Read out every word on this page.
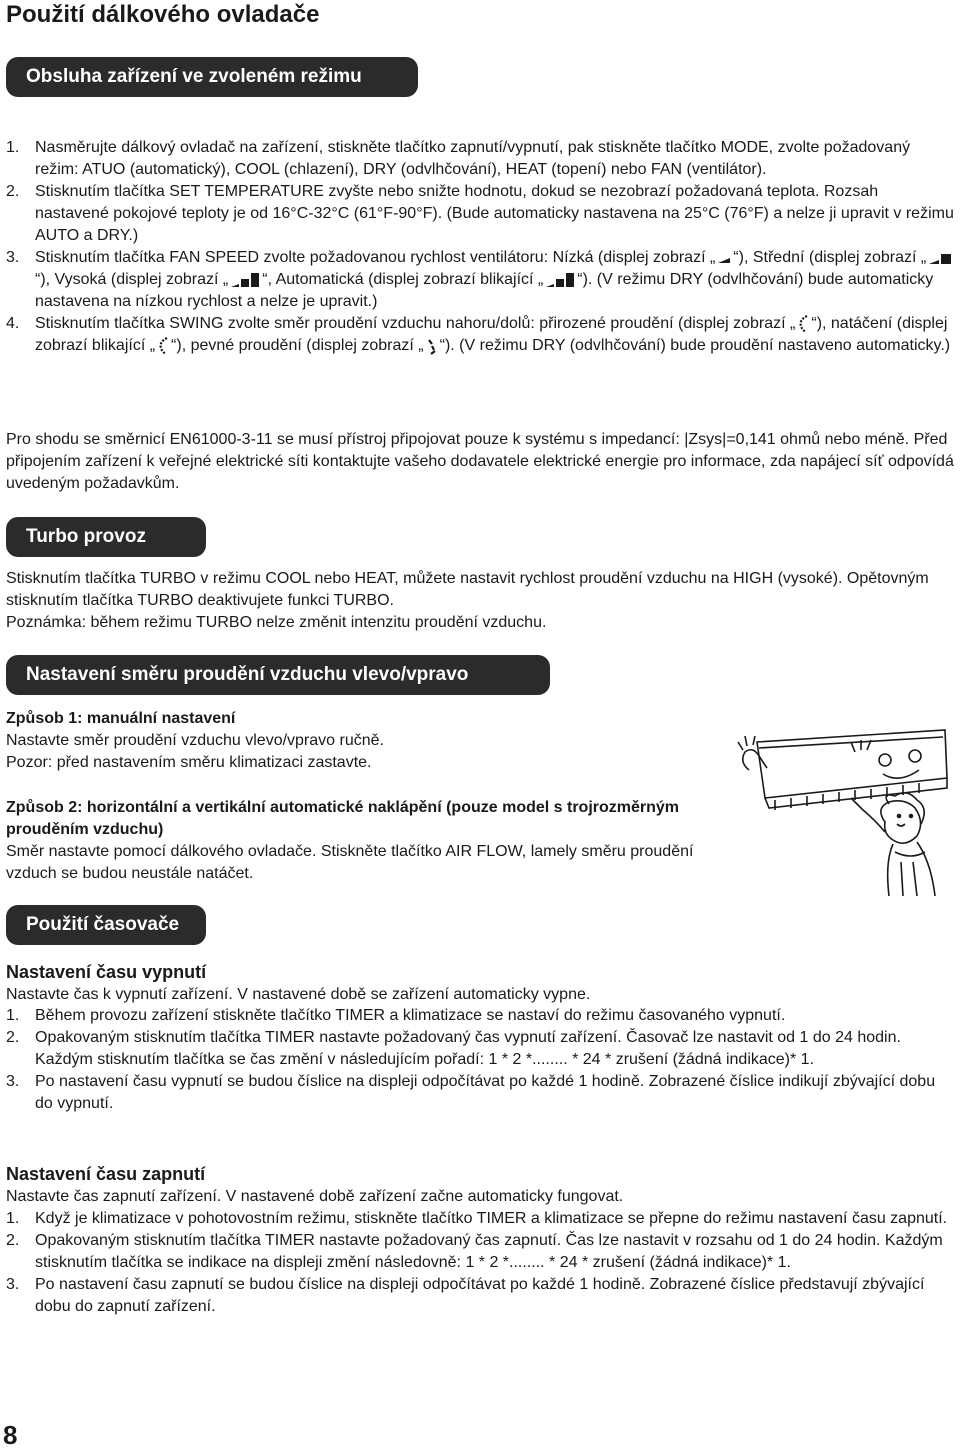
Použití dálkového ovladače
Obsluha zařízení ve zvoleném režimu
1. Nasměrujte dálkový ovladač na zařízení, stiskněte tlačítko zapnutí/vypnutí, pak stiskněte tlačítko MODE, zvolte požadovaný režim: ATUO (automatický), COOL (chlazení), DRY (odvlhčování), HEAT (topení) nebo FAN (ventilátor).
2. Stisknutím tlačítka SET TEMPERATURE zvyšte nebo snižte hodnotu, dokud se nezobrazí požadovaná teplota. Rozsah nastavené pokojové teploty je od 16°C-32°C (61°F-90°F). (Bude automaticky nastavena na 25°C (76°F) a nelze ji upravit v režimu AUTO a DRY.)
3. Stisknutím tlačítka FAN SPEED zvolte požadovanou rychlost ventilátoru: Nízká (displej zobrazí „ “), Střední (displej zobrazí „“), Vysoká (displej zobrazí „ “, Automatická (displej zobrazí blikající „ “). (V režimu DRY (odvlhčování) bude automaticky nastavena na nízkou rychlost a nelze je upravit.)
4. Stisknutím tlačítka SWING zvolte směr proudění vzduchu nahoru/dolů: přirozené proudění (displej zobrazí „ “), natáčení (displej zobrazí blikající „ “), pevné proudění (displej zobrazí „ “). (V režimu DRY (odvlhčování) bude proudění nastaveno automaticky.)

Pro shodu se směrnicí EN61000-3-11 se musí přístroj připojovat pouze k systému s impedancí: |Zsys|=0,141 ohmů nebo méně. Před připojením zařízení k veřejné elektrické síti kontaktujte vašeho dodavatele elektrické energie pro informace, zda napájecí síť odpovídá uvedeným požadavkům.

Turbo provoz

Stisknutím tlačítka TURBO v režimu COOL nebo HEAT, můžete nastavit rychlost proudění vzduchu na HIGH (vysoké). Opětovným stisknutím tlačítka TURBO deaktivujete funkci TURBO.

Poznámka: během režimu TURBO nelze změnit intenzitu proudění vzduchu.

Nastavení směru proudění vzduchu vlevo/vpravo

Způsob 1: manuální nastavení

Nastavte směr proudění vzduchu vlevo/vpravo ručně.

Pozor: před nastavením směru klimatizaci zastavte.

Způsob 2: horizontální a vertikální automatické naklápění (pouze model s trojrozměrným prouděním vzduchu)

Směr nastavte pomocí dálkového ovladače. Stiskněte tlačítko AIR FLOW, lamely směru proudění vzduch se budou neustále natáčet.

Použití časovače

Nastavení času vypnutí

Nastavte čas k vypnutí zařízení. V nastavené době se zařízení automaticky vypne.

1. Během provozu zařízení stiskněte tlačítko TIMER a klimatizace se nastaví do režimu časovaného vypnutí.
2. Opakovaným stisknutím tlačítka TIMER nastavte požadovaný čas vypnutí zařízení. Časovač lze nastavit od 1 do 24 hodin. Každým stisknutím tlačítka se čas změní v následujícím pořadí: 1 * 2 *........ * 24 * zrušení (žádná indikace)* 1.
3. Po nastavení času vypnutí se budou číslice na displeji odpočítávat po každé 1 hodině. Zobrazené číslice indikují zbývající dobu do vypnutí.

Nastavení času zapnutí

Nastavte čas zapnutí zařízení. V nastavené době zařízení začne automaticky fungovat.

1. Když je klimatizace v pohotovostním režimu, stiskněte tlačítko TIMER a klimatizace se přepne do režimu nastavení času zapnutí.
2. Opakovaným stisknutím tlačítka TIMER nastavte požadovaný čas zapnutí. Čas lze nastavit v rozsahu od 1 do 24 hodin. Každým stisknutím tlačítka se indikace na displeji změní následovně: 1 * 2 *........ * 24 * zrušení (žádná indikace)* 1.
3. Po nastavení času zapnutí se budou číslice na displeji odpočítávat po každé 1 hodině. Zobrazené číslice představují zbývající dobu do zapnutí zařízení.
8
